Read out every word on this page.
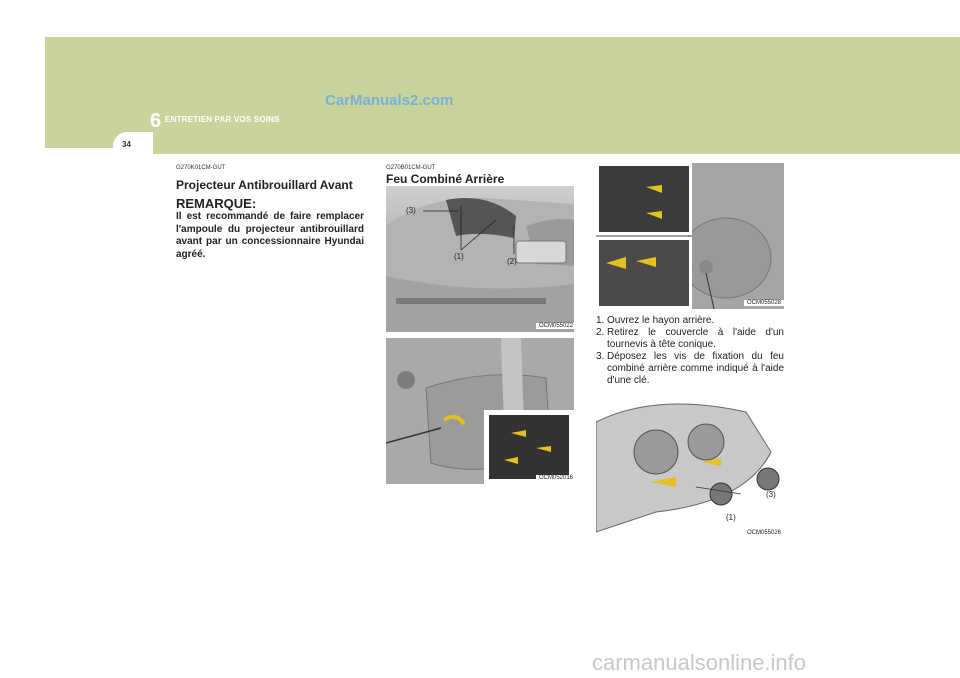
CarManuals2.com
6 ENTRETIEN PAR VOS SOINS
34
G270K01CM-GUT
Projecteur Antibrouillard Avant
REMARQUE:
Il est recommandé de faire remplacer l'ampoule du projecteur antibrouillard avant par un concessionnaire Hyundai agréé.
G270B01CM-GUT
Feu Combiné Arrière
(3)
(1)
(2)
OCM055022
OCM052016
OCM055028

1. Ouvrez le hayon arrière.

2. Retirez le couvercle à l'aide d'un tournevis à tête conique.

3. Déposez les vis de fixation du feu combiné arrière comme indiqué à l'aide d'une clé.

(3)
(1)
OCM055026
carmanualsonline.info
